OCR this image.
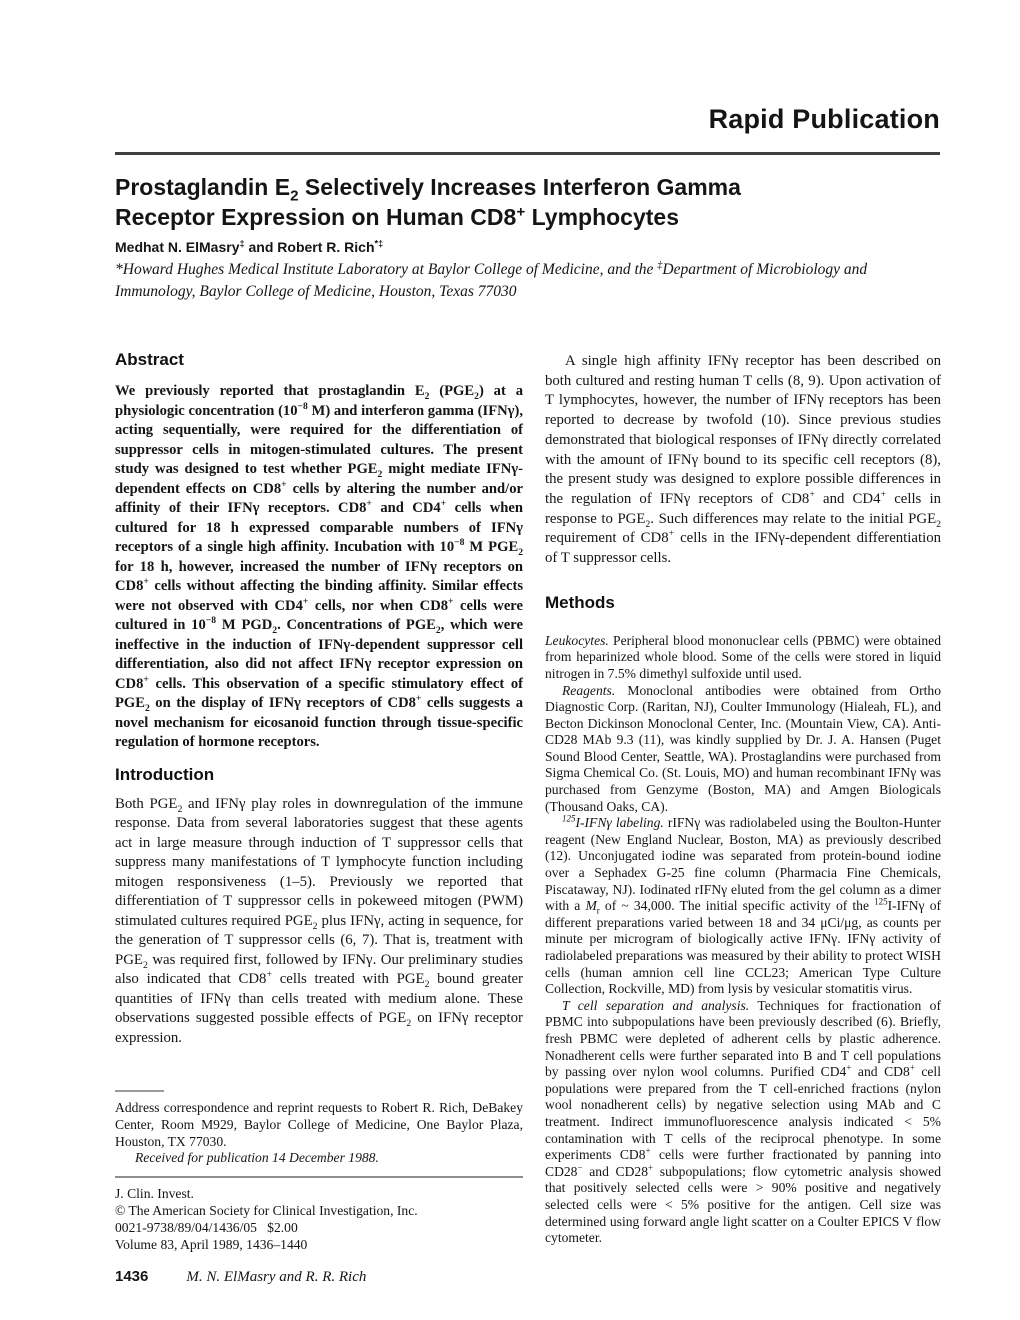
Rapid Publication
Prostaglandin $E_2$ Selectively Increases Interferon Gamma
Receptor Expression on Human CD8+ Lymphocytes
Medhat N. ElMasry‡ and Robert R. Rich*‡
*Howard Hughes Medical Institute Laboratory at Baylor College of Medicine, and the ‡Department of Microbiology and Immunology, Baylor College of Medicine, Houston, Texas 77030
Abstract

We previously reported that prostaglandin $E_2$ $(PGE_2)$ at a physiologic concentration ($10^{-8}$ M) and interferon gamma (IFNγ), acting sequentially, were required for the differentiation of suppressor cells in mitogen-stimulated cultures. The present study was designed to test whether $PGE_2$ might mediate IFNγ-dependent effects on CD8+ cells by altering the number and/or affinity of their IFNγ receptors. CD8+ and CD4+ cells when cultured for 18 h expressed comparable numbers of IFNγ receptors of a single high affinity. Incubation with $10^{-8}$ M $PGE_2$ for 18 h, however, increased the number of IFNγ receptors on CD8+ cells without affecting the binding affinity. Similar effects were not observed with CD4+ cells, nor when CD8+ cells were cultured in $10^{-8}$ M $PGD_2$. Concentrations of $PGE_2$, which were ineffective in the induction of IFNγ-dependent suppressor cell differentiation, also did not affect IFNγ receptor expression on CD8+ cells. This observation of a specific stimulatory effect of $PGE_2$ on the display of IFNγ receptors of CD8+ cells suggests a novel mechanism for eicosanoid function through tissue-specific regulation of hormone receptors.

Introduction

Both $PGE_2$ and IFNγ play roles in downregulation of the immune response. Data from several laboratories suggest that these agents act in large measure through induction of T suppressor cells that suppress many manifestations of T lymphocyte function including mitogen responsiveness (1–5). Previously we reported that differentiation of T suppressor cells in pokeweed mitogen (PWM) stimulated cultures required $PGE_2$ plus IFNγ, acting in sequence, for the generation of T suppressor cells (6, 7). That is, treatment with $PGE_2$ was required first, followed by IFNγ. Our preliminary studies also indicated that CD8+ cells treated with $PGE_2$ bound greater quantities of IFNγ than cells treated with medium alone. These observations suggested possible effects of $PGE_2$ on IFNγ receptor expression.

Address correspondence and reprint requests to Robert R. Rich, DeBakey Center, Room M929, Baylor College of Medicine, One Baylor Plaza, Houston, TX 77030.

Received for publication 14 December 1988.

J. Clin. Invest.
© The American Society for Clinical Investigation, Inc.
0021-9738/89/04/1436/05   $2.00
Volume 83, April 1989, 1436–1440
1436	M. N. ElMasry and R. R. Rich

A single high affinity IFNγ receptor has been described on both cultured and resting human T cells (8, 9). Upon activation of T lymphocytes, however, the number of IFNγ receptors has been reported to decrease by twofold (10). Since previous studies demonstrated that biological responses of IFNγ directly correlated with the amount of IFNγ bound to its specific cell receptors (8), the present study was designed to explore possible differences in the regulation of IFNγ receptors of CD8+ and CD4+ cells in response to $PGE_2$. Such differences may relate to the initial $PGE_2$ requirement of CD8+ cells in the IFNγ-dependent differentiation of T suppressor cells.

Methods

Leukocytes. Peripheral blood mononuclear cells (PBMC) were obtained from heparinized whole blood. Some of the cells were stored in liquid nitrogen in 7.5% dimethyl sulfoxide until used.

Reagents. Monoclonal antibodies were obtained from Ortho Diagnostic Corp. (Raritan, NJ), Coulter Immunology (Hialeah, FL), and Becton Dickinson Monoclonal Center, Inc. (Mountain View, CA). Anti-CD28 MAb 9.3 (11), was kindly supplied by Dr. J. A. Hansen (Puget Sound Blood Center, Seattle, WA). Prostaglandins were purchased from Sigma Chemical Co. (St. Louis, MO) and human recombinant IFNγ was purchased from Genzyme (Boston, MA) and Amgen Biologicals (Thousand Oaks, CA).

$^{125}$I-IFNγ labeling. rIFNγ was radiolabeled using the Boulton-Hunter reagent (New England Nuclear, Boston, MA) as previously described (12). Unconjugated iodine was separated from protein-bound iodine over a Sephadex G-25 fine column (Pharmacia Fine Chemicals, Piscataway, NJ). Iodinated rIFNγ eluted from the gel column as a dimer with a $M_r$ of ~ 34,000. The initial specific activity of the $^{125}$I-IFNγ of different preparations varied between 18 and 34 μCi/μg, as counts per minute per microgram of biologically active IFNγ. IFNγ activity of radiolabeled preparations was measured by their ability to protect WISH cells (human amnion cell line CCL23; American Type Culture Collection, Rockville, MD) from lysis by vesicular stomatitis virus.

T cell separation and analysis. Techniques for fractionation of PBMC into subpopulations have been previously described (6). Briefly, fresh PBMC were depleted of adherent cells by plastic adherence. Nonadherent cells were further separated into B and T cell populations by passing over nylon wool columns. Purified CD4+ and CD8+ cell populations were prepared from the T cell-enriched fractions (nylon wool nonadherent cells) by negative selection using MAb and C treatment. Indirect immunofluorescence analysis indicated < 5% contamination with T cells of the reciprocal phenotype. In some experiments CD8+ cells were further fractionated by panning into CD28− and CD28+ subpopulations; flow cytometric analysis showed that positively selected cells were > 90% positive and negatively selected cells were < 5% positive for the antigen. Cell size was determined using forward angle light scatter on a Coulter EPICS V flow cytometer.
